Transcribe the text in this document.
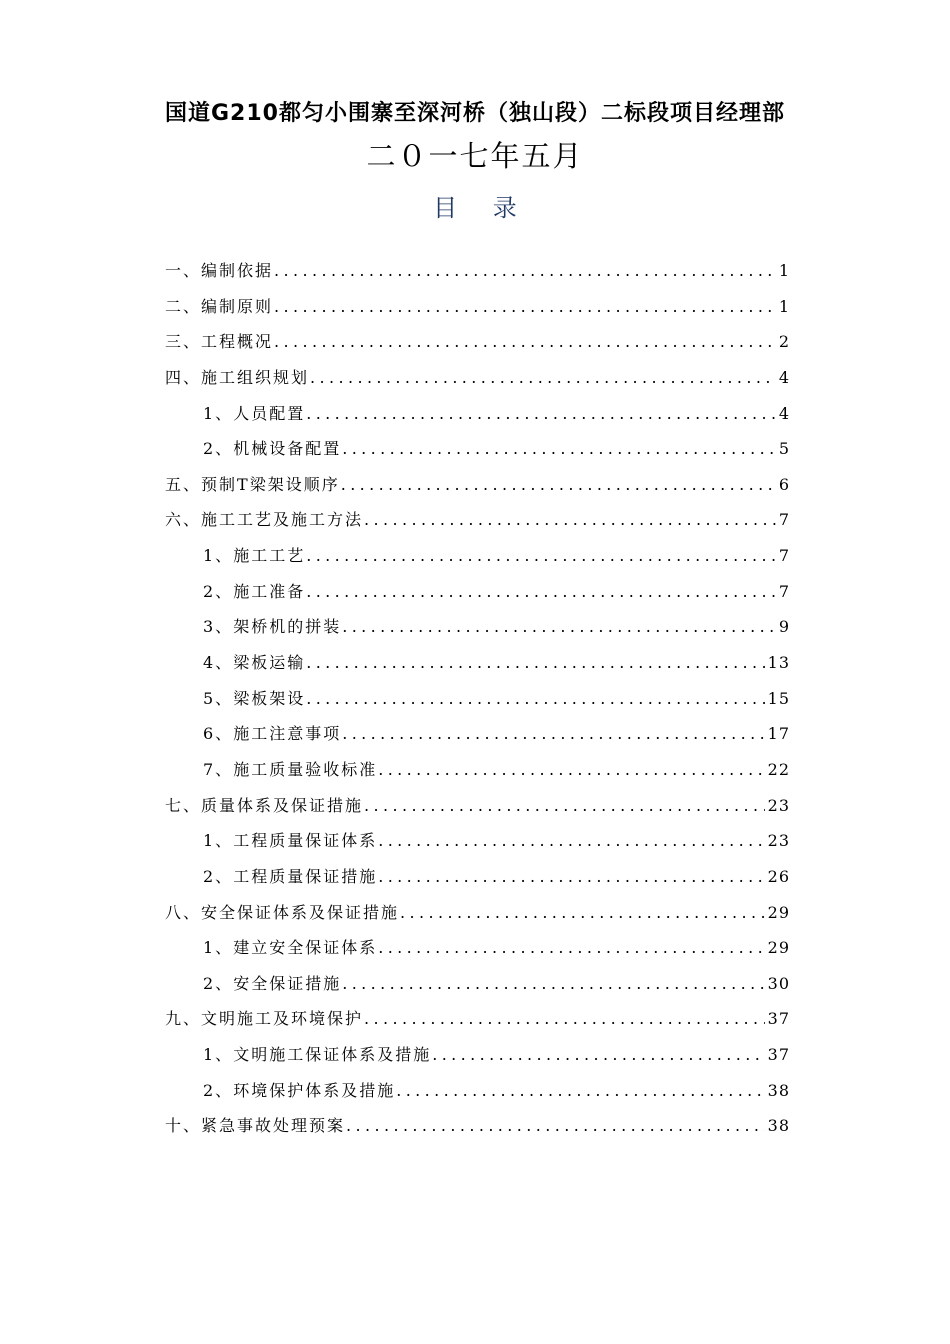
国道G210都匀小围寨至深河桥（独山段）二标段项目经理部
二０一七年五月
目 录
一、 编制依据 .....	1
二、 编制原则 .....	1
三、 工程概况 .....	2
四、 施工组织规划 .....	4
1、 人员配置 .....	4
2、 机械设备配置 .....	5
五、 预制T梁架设顺序 .....	6
六、 施工工艺及施工方法 .....	7
1、 施工工艺 .....	7
2、 施工准备 .....	7
3、 架桥机的拼装 .....	9
4、 梁板运输 .....	13
5、 梁板架设 .....	15
6、 施工注意事项 .....	17
7、 施工质量验收标准 .....	22
七、 质量体系及保证措施 .....	23
1、 工程质量保证体系 .....	23
2、 工程质量保证措施 .....	26
八、 安全保证体系及保证措施 .....	29
1、 建立安全保证体系 .....	29
2、 安全保证措施 .....	30
九、 文明施工及环境保护 .....	37
1、 文明施工保证体系及措施 .....	37
2、 环境保护体系及措施 .....	38
十、 紧急事故处理预案 .....	38
